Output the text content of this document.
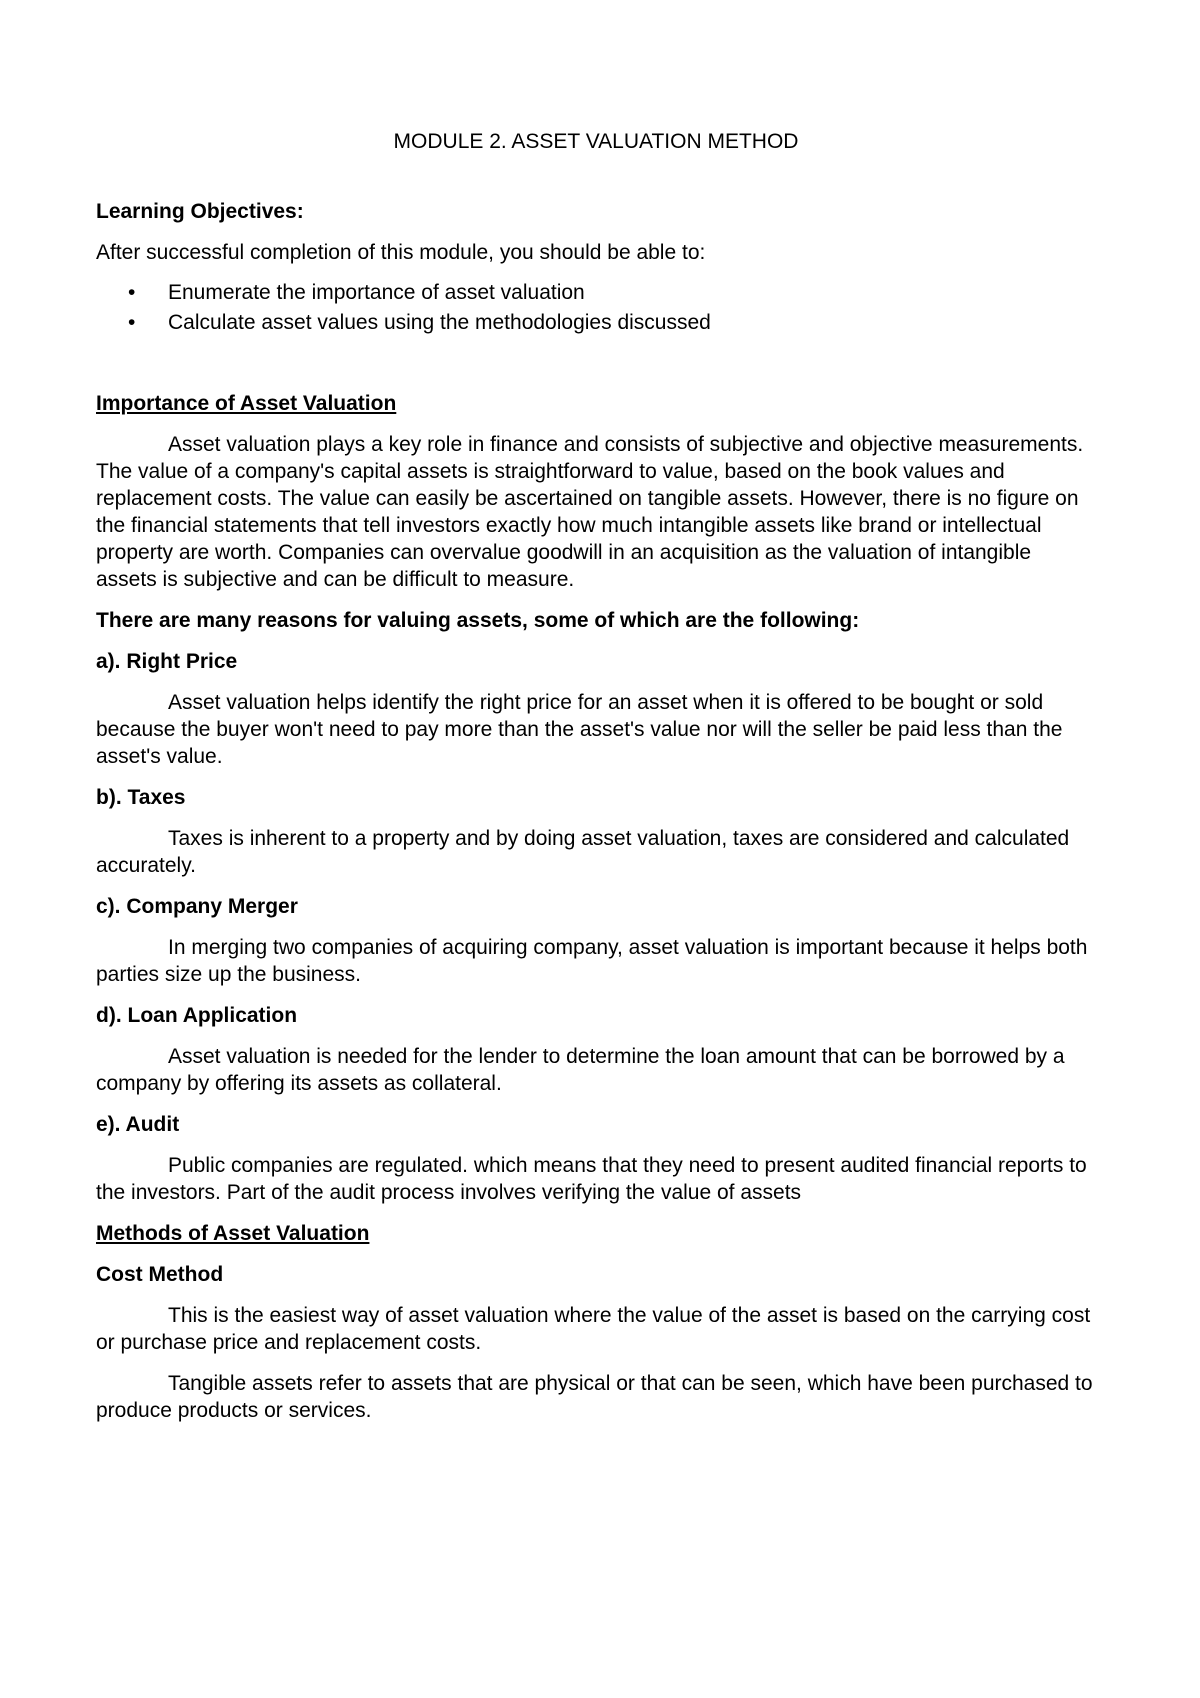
MODULE 2. ASSET VALUATION METHOD

Learning Objectives:

After successful completion of this module, you should be able to:

• Enumerate the importance of asset valuation
• Calculate asset values using the methodologies discussed

Importance of Asset Valuation

Asset valuation plays a key role in finance and consists of subjective and objective measurements. The value of a company's capital assets is straightforward to value, based on the book values and replacement costs. The value can easily be ascertained on tangible assets. However, there is no figure on the financial statements that tell investors exactly how much intangible assets like brand or intellectual property are worth. Companies can overvalue goodwill in an acquisition as the valuation of intangible assets is subjective and can be difficult to measure.

There are many reasons for valuing assets, some of which are the following:

a). Right Price

Asset valuation helps identify the right price for an asset when it is offered to be bought or sold because the buyer won't need to pay more than the asset's value nor will the seller be paid less than the asset's value.

b). Taxes

Taxes is inherent to a property and by doing asset valuation, taxes are considered and calculated accurately.

c). Company Merger

In merging two companies of acquiring company, asset valuation is important because it helps both parties size up the business.

d). Loan Application

Asset valuation is needed for the lender to determine the loan amount that can be borrowed by a company by offering its assets as collateral.

e). Audit

Public companies are regulated. which means that they need to present audited financial reports to the investors. Part of the audit process involves verifying the value of assets

Methods of Asset Valuation

Cost Method

This is the easiest way of asset valuation where the value of the asset is based on the carrying cost or purchase price and replacement costs.

Tangible assets refer to assets that are physical or that can be seen, which have been purchased to produce products or services.
